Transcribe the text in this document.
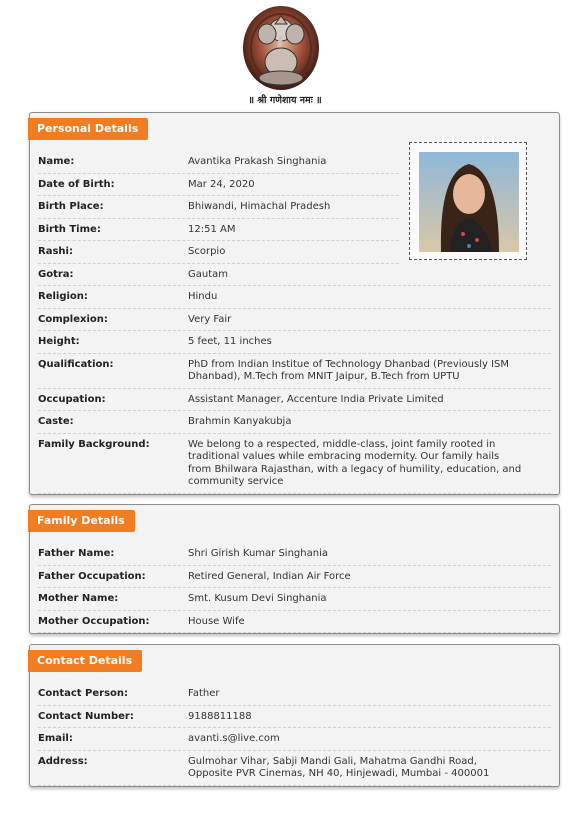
॥ श्री गणेशाय नमः ॥
Personal Details
Name:	Avantika Prakash Singhania
Date of Birth:	Mar 24, 2020
Birth Place:	Bhiwandi, Himachal Pradesh
Birth Time:	12:51 AM
Rashi:	Scorpio
Gotra:	Gautam
Religion:	Hindu
Complexion:	Very Fair
Height:	5 feet, 11 inches
Qualification:	PhD from Indian Institue of Technology Dhanbad (Previously ISM Dhanbad), M.Tech from MNIT Jaipur, B.Tech from UPTU
Occupation:	Assistant Manager, Accenture India Private Limited
Caste:	Brahmin Kanyakubja
Family Background:	We belong to a respected, middle-class, joint family rooted in traditional values while embracing modernity. Our family hails from Bhilwara Rajasthan, with a legacy of humility, education, and community service
Family Details
Father Name:	Shri Girish Kumar Singhania
Father Occupation:	Retired General, Indian Air Force
Mother Name:	Smt. Kusum Devi Singhania
Mother Occupation:	House Wife
Contact Details
Contact Person:	Father
Contact Number:	9188811188
Email:	avanti.s@live.com
Address:	Gulmohar Vihar, Sabji Mandi Gali, Mahatma Gandhi Road, Opposite PVR Cinemas, NH 40, Hinjewadi, Mumbai - 400001
